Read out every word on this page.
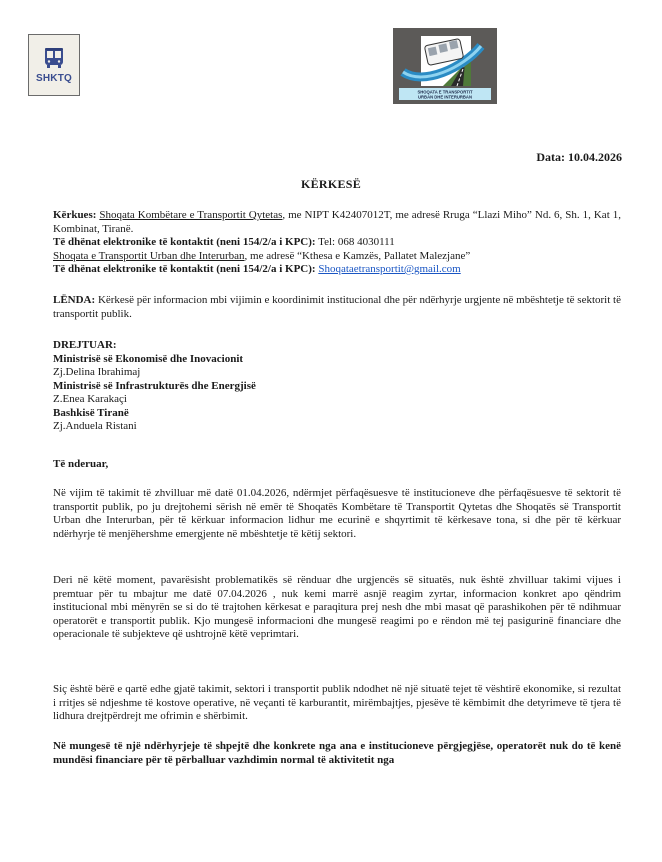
SHKTQ
SHOQATA E TRANSPORTIT
URBAN DHE INTERURBAN
Data: 10.04.2026
KËRKESË

Kërkues: Shoqata Kombëtare e Transportit Qytetas, me NIPT K42407012T, me adresë Rruga “Llazi Miho” Nd. 6, Sh. 1, Kat 1, Kombinat, Tiranë.

Të dhënat elektronike të kontaktit (neni 154/2/a i KPC): Tel: 068 4030111

Shoqata e Transportit Urban dhe Interurban, me adresë “Kthesa e Kamzës, Pallatet Malezjane”

Të dhënat elektronike të kontaktit (neni 154/2/a i KPC): Shoqataetransportit@gmail.com

LËNDA: Kërkesë për informacion mbi vijimin e koordinimit institucional dhe për ndërhyrje urgjente në mbështetje të sektorit të transportit publik.

DREJTUAR:

Ministrisë së Ekonomisë dhe Inovacionit

Zj.Delina Ibrahimaj

Ministrisë së Infrastrukturës dhe Energjisë

Z.Enea Karakaçi

Bashkisë Tiranë

Zj.Anduela Ristani

Të nderuar,
Në vijim të takimit të zhvilluar më datë 01.04.2026, ndërmjet përfaqësuesve të institucioneve dhe përfaqësuesve të sektorit të transportit publik, po ju drejtohemi sërish në emër të Shoqatës Kombëtare të Transportit Qytetas dhe Shoqatës së Transportit Urban dhe Interurban, për të kërkuar informacion lidhur me ecurinë e shqyrtimit të kërkesave tona, si dhe për të kërkuar ndërhyrje të menjëhershme emergjente në mbështetje të këtij sektori.
Deri në këtë moment, pavarësisht problematikës së rënduar dhe urgjencës së situatës, nuk është zhvilluar takimi vijues i premtuar për tu mbajtur me datë 07.04.2026 , nuk kemi marrë asnjë reagim zyrtar, informacion konkret apo qëndrim institucional mbi mënyrën se si do të trajtohen kërkesat e paraqitura prej nesh dhe mbi masat që parashikohen për të ndihmuar operatorët e transportit publik. Kjo mungesë informacioni dhe mungesë reagimi po e rëndon më tej pasigurinë financiare dhe operacionale të subjekteve që ushtrojnë këtë veprimtari.
Siç është bërë e qartë edhe gjatë takimit, sektori i transportit publik ndodhet në një situatë tejet të vështirë ekonomike, si rezultat i rritjes së ndjeshme të kostove operative, në veçanti të karburantit, mirëmbajtjes, pjesëve të këmbimit dhe detyrimeve të tjera të lidhura drejtpërdrejt me ofrimin e shërbimit.
Në mungesë të një ndërhyrjeje të shpejtë dhe konkrete nga ana e institucioneve përgjegjëse, operatorët nuk do të kenë mundësi financiare për të përballuar vazhdimin normal të aktivitetit nga
